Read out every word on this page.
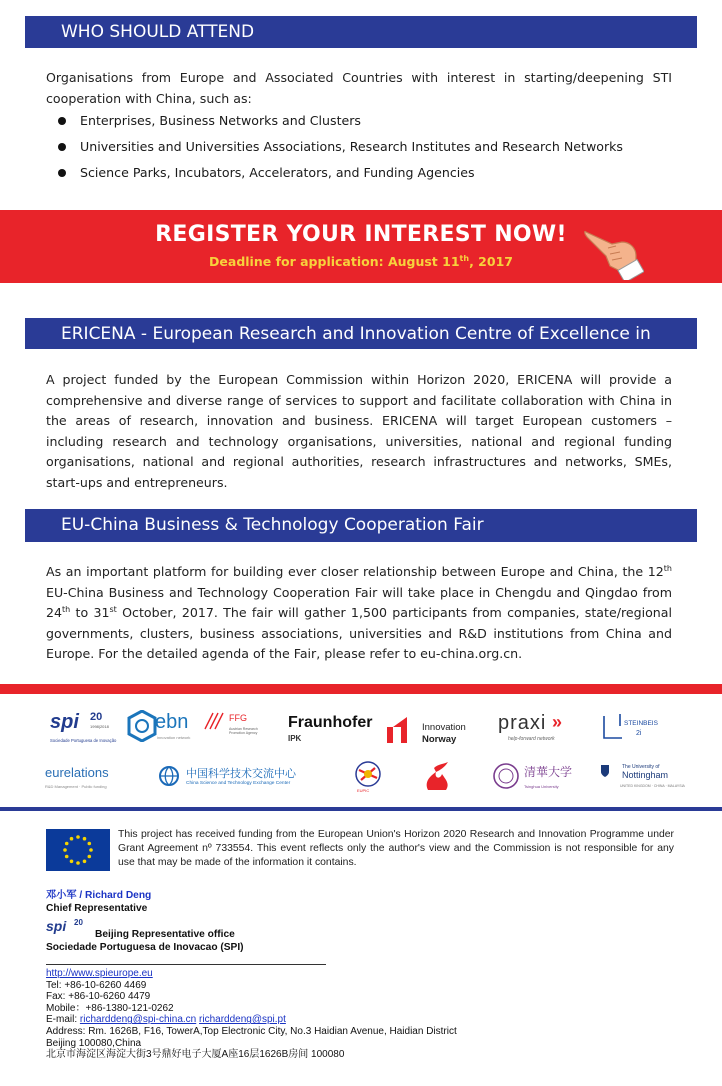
WHO SHOULD ATTEND
Organisations from Europe and Associated Countries with interest in starting/deepening STI cooperation with China, such as:
Enterprises, Business Networks and Clusters
Universities and Universities Associations, Research Institutes and Research Networks
Science Parks, Incubators, Accelerators, and Funding Agencies
REGISTER YOUR INTEREST NOW!
Deadline for application: August 11th, 2017
ERICENA - European Research and Innovation Centre of Excellence in China
A project funded by the European Commission within Horizon 2020, ERICENA will provide a comprehensive and diverse range of services to support and facilitate collaboration with China in the areas of research, innovation and business. ERICENA will target European customers – including research and technology organisations, universities, national and regional funding organisations, national and regional authorities, research infrastructures and networks, SMEs, start-ups and entrepreneurs.
EU-China Business & Technology Cooperation Fair
As an important platform for building ever closer relationship between Europe and China, the 12th EU-China Business and Technology Cooperation Fair will take place in Chengdu and Qingdao from 24th to 31st October, 2017. The fair will gather 1,500 participants from companies, state/regional governments, clusters, business associations, universities and R&D institutions from China and Europe. For the detailed agenda of the Fair, please refer to eu-china.org.cn.
spi 20
1998|2018
Sociedade Portuguesa de Inovação
ebn
innovation network
FFG
Austrian Research Promotion Agency
Fraunhofer
IPK
Innovation
Norway
praxi »
help-forward network
STEINBEIS
2i
eurelations
R&D Management · Public funding
中国科学技术交流中心
China Science and Technology Exchange Center
EUPIC
清華大学
Tsinghua University
The University of
Nottingham
UNITED KINGDOM · CHINA · MALAYSIA
This project has received funding from the European Union's Horizon 2020 Research and Innovation Programme under Grant Agreement nº 733554. This event reflects only the author's view and the Commission is not responsible for any use that may be made of the information it contains.
邓小军 / Richard Deng
Chief Representative
spi 20
Beijing Representative office
Sociedade Portuguesa de Inovacao (SPI)
http://www.spieurope.eu
Tel: +86-10-6260 4469
Fax: +86-10-6260 4479
Mobile：+86-1380-121-0262
E-mail: richarddeng@spi-china.cn richarddeng@spi.pt
Address: Rm. 1626B, F16, TowerA,Top Electronic City, No.3 Haidian Avenue, Haidian District
Beijing 100080,China
北京市海淀区海淀大街3号鼎好电子大厦A座16层1626B房间 100080
